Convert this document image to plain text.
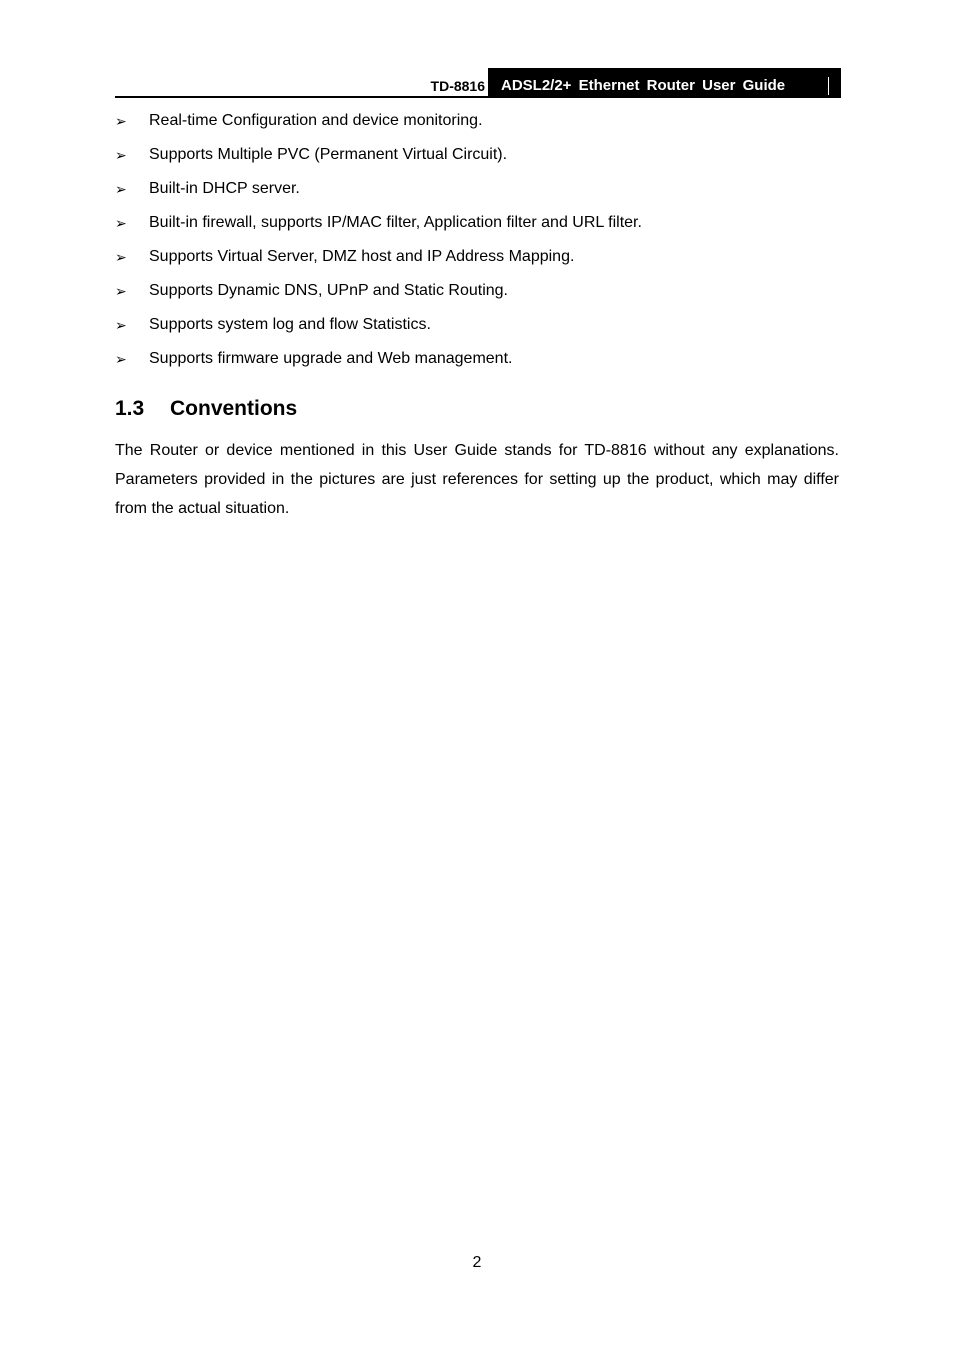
TD-8816 ADSL2/2+ Ethernet Router User Guide
➢ Real-time Configuration and device monitoring.
➢ Supports Multiple PVC (Permanent Virtual Circuit).
➢ Built-in DHCP server.
➢ Built-in firewall, supports IP/MAC filter, Application filter and URL filter.
➢ Supports Virtual Server, DMZ host and IP Address Mapping.
➢ Supports Dynamic DNS, UPnP and Static Routing.
➢ Supports system log and flow Statistics.
➢ Supports firmware upgrade and Web management.
1.3 Conventions

The Router or device mentioned in this User Guide stands for TD-8816 without any explanations. Parameters provided in the pictures are just references for setting up the product, which may differ from the actual situation.

2
